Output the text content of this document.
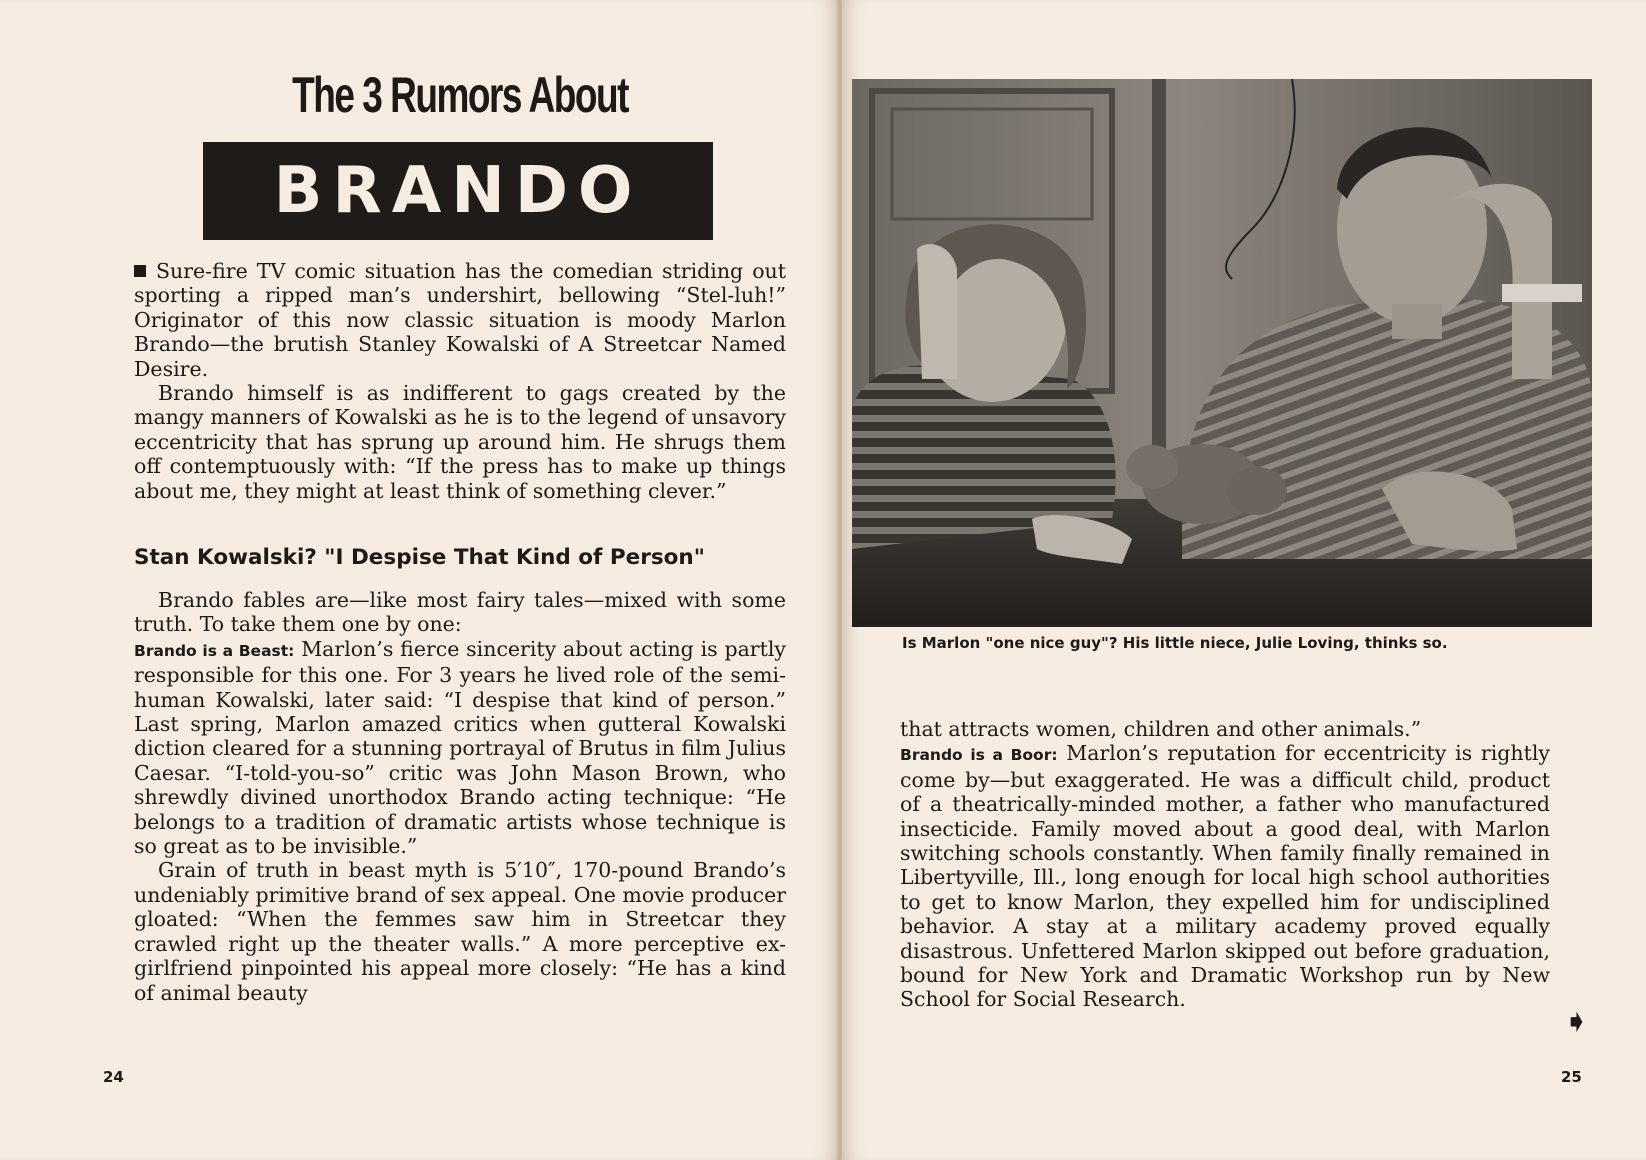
The 3 Rumors About
BRANDO

Sure-fire TV comic situation has the comedian striding out sporting a ripped man’s undershirt, bellowing “Stel-luh!” Originator of this now classic situation is moody Marlon Brando—the brutish Stanley Kowalski of A Streetcar Named Desire.

Brando himself is as indifferent to gags created by the mangy manners of Kowalski as he is to the legend of unsavory eccentricity that has sprung up around him. He shrugs them off contemptuously with: “If the press has to make up things about me, they might at least think of something clever.”

Stan Kowalski? "I Despise That Kind of Person"

Brando fables are—like most fairy tales—mixed with some truth. To take them one by one:

Brando is a Beast: Marlon’s fierce sincerity about acting is partly responsible for this one. For 3 years he lived role of the semi-human Kowalski, later said: “I despise that kind of person.” Last spring, Marlon amazed critics when gutteral Kowalski diction cleared for a stunning portrayal of Brutus in film Julius Caesar. “I-told-you-so” critic was John Mason Brown, who shrewdly divined unorthodox Brando acting technique: “He belongs to a tradition of dramatic artists whose technique is so great as to be invisible.”

Grain of truth in beast myth is 5′10″, 170-pound Brando’s undeniably primitive brand of sex appeal. One movie producer gloated: “When the femmes saw him in Streetcar they crawled right up the theater walls.” A more perceptive ex-girlfriend pinpointed his appeal more closely: “He has a kind of animal beauty

24
Is Marlon "one nice guy"? His little niece, Julie Loving, thinks so.

that attracts women, children and other animals.”

Brando is a Boor: Marlon’s reputation for eccentricity is rightly come by—but exaggerated. He was a difficult child, product of a theatrically-minded mother, a father who manufactured insecticide. Family moved about a good deal, with Marlon switching schools constantly. When family finally remained in Libertyville, Ill., long enough for local high school authorities to get to know Marlon, they expelled him for undisciplined behavior. A stay at a military academy proved equally disastrous. Unfettered Marlon skipped out before graduation, bound for New York and Dramatic Workshop run by New School for Social Research.

➧
25
